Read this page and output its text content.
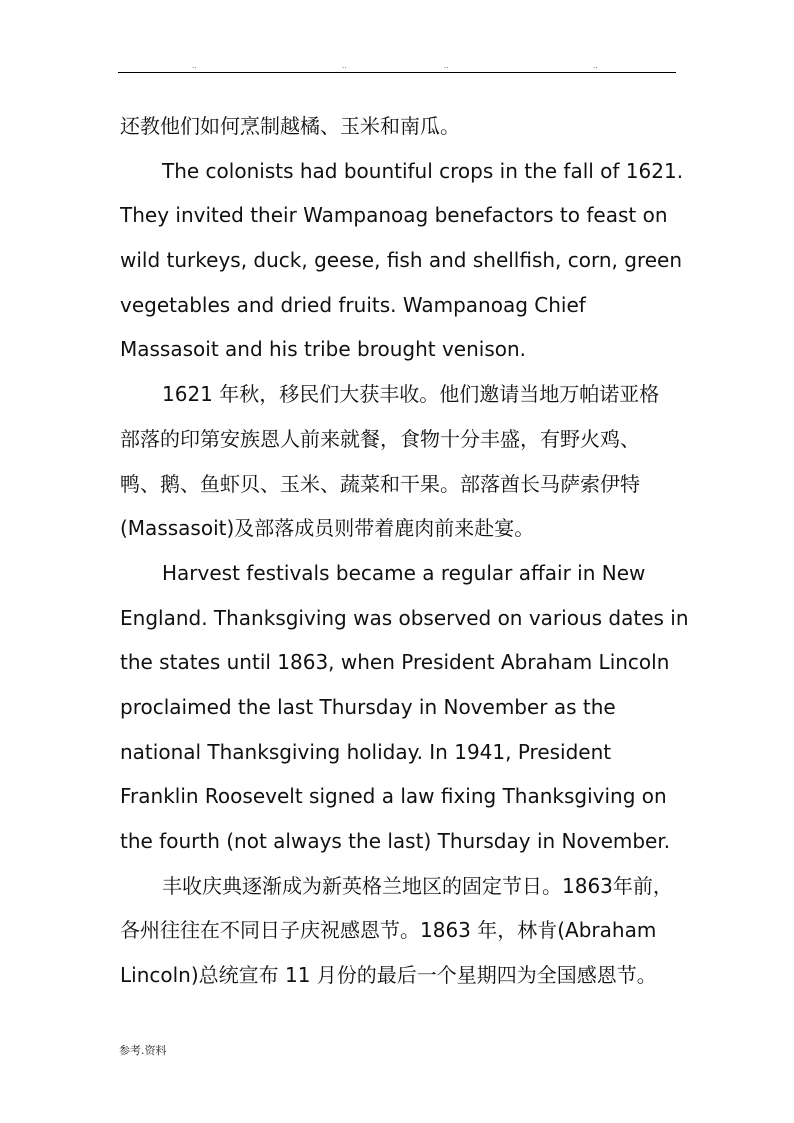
..	..	..	..
还教他们如何烹制越橘、玉米和南瓜。
The colonists had bountiful crops in the fall of 1621.
They invited their Wampanoag benefactors to feast on
wild turkeys, duck, geese, fish and shellfish, corn, green
vegetables and dried fruits. Wampanoag Chief
Massasoit and his tribe brought venison.
1621 年秋，移民们大获丰收。他们邀请当地万帕诺亚格
部落的印第安族恩人前来就餐，食物十分丰盛，有野火鸡、
鸭、鹅、鱼虾贝、玉米、蔬菜和干果。部落酋长马萨索伊特
(Massasoit)及部落成员则带着鹿肉前来赴宴。
Harvest festivals became a regular affair in New
England. Thanksgiving was observed on various dates in
the states until 1863, when President Abraham Lincoln
proclaimed the last Thursday in November as the
national Thanksgiving holiday. In 1941, President
Franklin Roosevelt signed a law fixing Thanksgiving on
the fourth (not always the last) Thursday in November.
丰收庆典逐渐成为新英格兰地区的固定节日。1863年前，
各州往往在不同日子庆祝感恩节。1863 年，林肯(Abraham
Lincoln)总统宣布 11 月份的最后一个星期四为全国感恩节。
参考.资料
